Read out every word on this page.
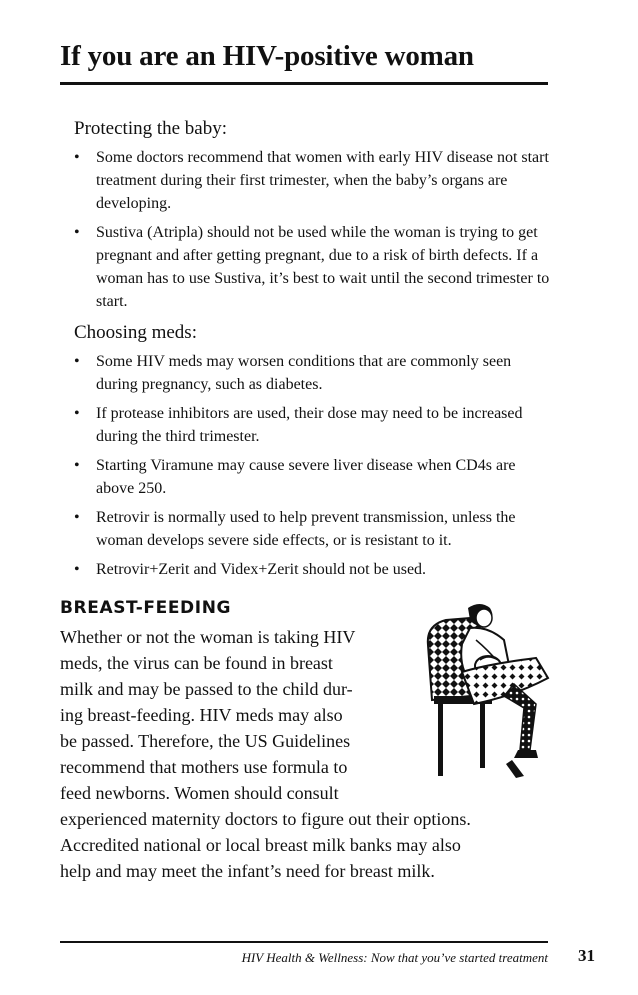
If you are an HIV-positive woman
Protecting the baby:
• Some doctors recommend that women with early HIV disease not start treatment during their first trimester, when the baby’s organs are developing.
• Sustiva (Atripla) should not be used while the woman is trying to get pregnant and after getting pregnant, due to a risk of birth defects. If a woman has to use Sustiva, it’s best to wait until the second trimester to start.
Choosing meds:
• Some HIV meds may worsen conditions that are commonly seen during pregnancy, such as diabetes.
• If protease inhibitors are used, their dose may need to be increased during the third trimester.
• Starting Viramune may cause severe liver disease when CD4s are above 250.
• Retrovir is normally used to help prevent transmission, unless the woman develops severe side effects, or is resistant to it.
• Retrovir+Zerit and Videx+Zerit should not be used.
BREAST-FEEDING

Whether or not the woman is taking HIV
meds, the virus can be found in breast
milk and may be passed to the child dur-
ing breast-feeding. HIV meds may also
be passed. Therefore, the US Guidelines
recommend that mothers use formula to
feed newborns. Women should consult
experienced maternity doctors to figure out their options.
Accredited national or local breast milk banks may also
help and may meet the infant’s need for breast milk.

HIV Health & Wellness: Now that you’ve started treatment 31
